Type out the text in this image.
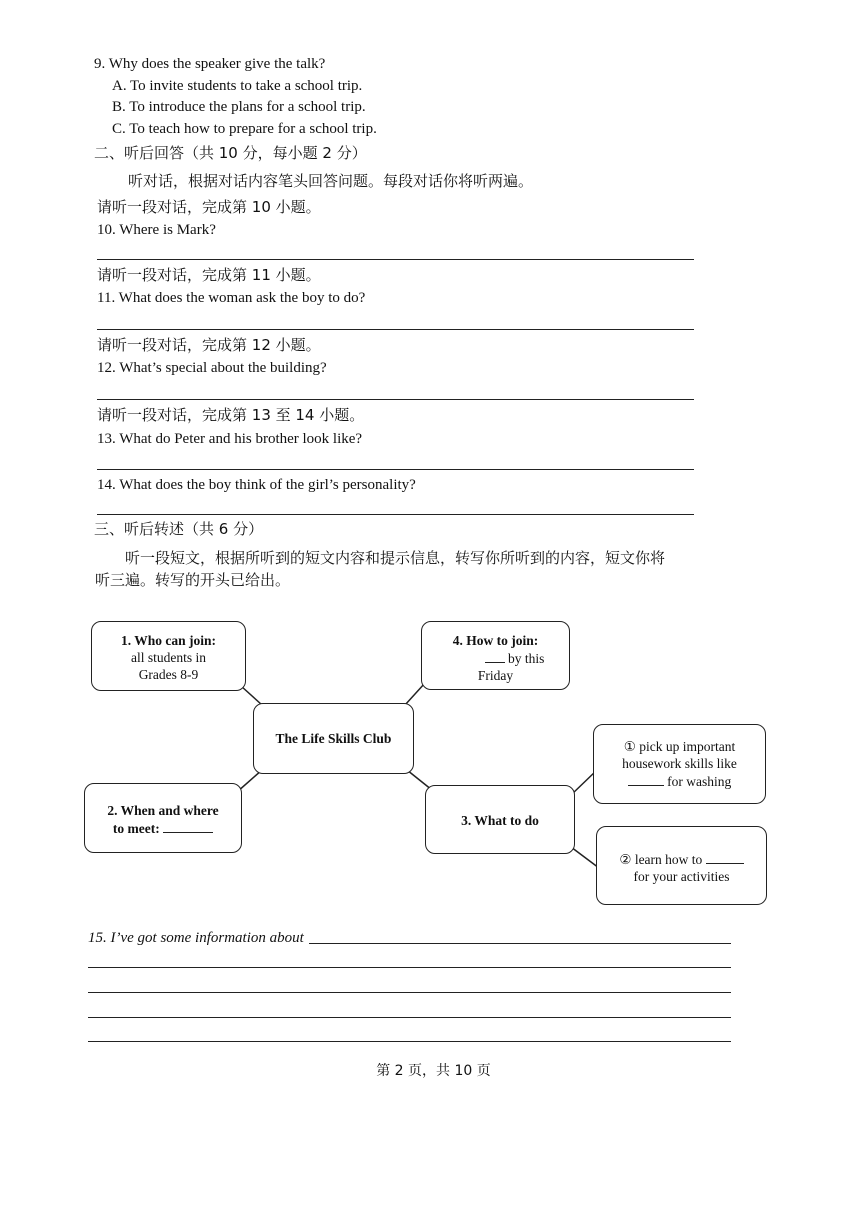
9. Why does the speaker give the talk?
A. To invite students to take a school trip.
B. To introduce the plans for a school trip.
C. To teach how to prepare for a school trip.
二、听后回答（共 10 分，每小题 2 分）
听对话，根据对话内容笔头回答问题。每段对话你将听两遍。
请听一段对话，完成第 10 小题。
10. Where is Mark?
请听一段对话，完成第 11 小题。
11. What does the woman ask the boy to do?
请听一段对话，完成第 12 小题。
12. What’s special about the building?
请听一段对话，完成第 13 至 14 小题。
13. What do Peter and his brother look like?
14. What does the boy think of the girl’s personality?
三、听后转述（共 6 分）
听一段短文，根据所听到的短文内容和提示信息，转写你所听到的内容，短文你将
听三遍。转写的开头已给出。
1. Who can join:
all students in
Grades 8-9
4. How to join:
by this
Friday
The Life Skills Club
2. When and where
to meet:
3. What to do
① pick up important
housework skills like
for washing
② learn how to
for your activities
15. I’ve got some information about
第 2 页，共 10 页
